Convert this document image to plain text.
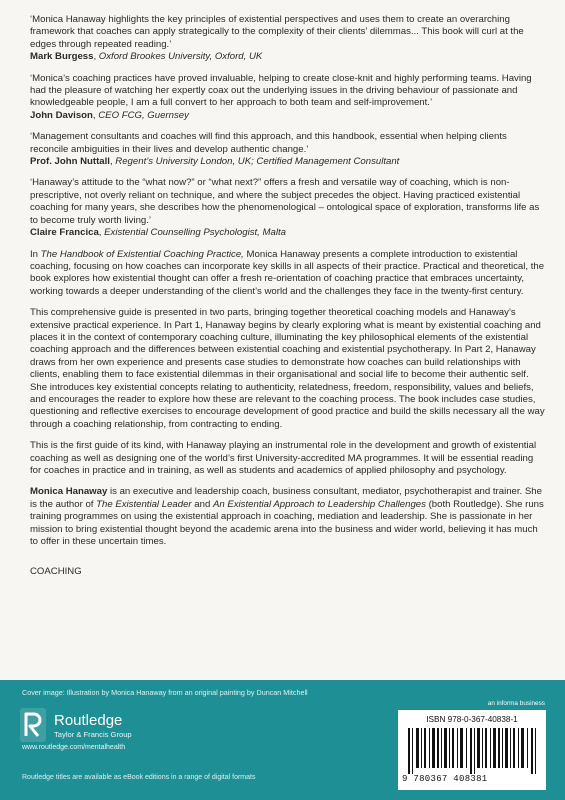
‘Monica Hanaway highlights the key principles of existential perspectives and uses them to create an overarching framework that coaches can apply strategically to the complexity of their clients’ dilemmas... This book will curl at the edges through repeated reading.’

Mark Burgess, Oxford Brookes University, Oxford, UK

‘Monica’s coaching practices have proved invaluable, helping to create close-knit and highly performing teams. Having had the pleasure of watching her expertly coax out the underlying issues in the driving behaviour of passionate and knowledgeable people, I am a full convert to her approach to both team and self-improvement.’

John Davison, CEO FCG, Guernsey

‘Management consultants and coaches will find this approach, and this handbook, essential when helping clients reconcile ambiguities in their lives and develop authentic change.’

Prof. John Nuttall, Regent’s University London, UK; Certified Management Consultant

‘Hanaway’s attitude to the “what now?” or “what next?” offers a fresh and versatile way of coaching, which is non-prescriptive, not overly reliant on technique, and where the subject precedes the object. Having practiced existential coaching for many years, she describes how the phenomenological – ontological space of exploration, transforms life as to become truly worth living.’

Claire Francica, Existential Counselling Psychologist, Malta

In The Handbook of Existential Coaching Practice, Monica Hanaway presents a complete introduction to existential coaching, focusing on how coaches can incorporate key skills in all aspects of their practice. Practical and theoretical, the book explores how existential thought can offer a fresh re-orientation of coaching practice that embraces uncertainty, working towards a deeper understanding of the client’s world and the challenges they face in the twenty-first century.

This comprehensive guide is presented in two parts, bringing together theoretical coaching models and Hanaway’s extensive practical experience. In Part 1, Hanaway begins by clearly exploring what is meant by existential coaching and places it in the context of contemporary coaching culture, illuminating the key philosophical elements of the existential coaching approach and the differences between existential coaching and existential psychotherapy. In Part 2, Hanaway draws from her own experience and presents case studies to demonstrate how coaches can build relationships with clients, enabling them to face existential dilemmas in their organisational and social life to become their authentic self. She introduces key existential concepts relating to authenticity, relatedness, freedom, responsibility, values and beliefs, and encourages the reader to explore how these are relevant to the coaching process. The book includes case studies, questioning and reflective exercises to encourage development of good practice and build the skills necessary all the way through a coaching relationship, from contracting to ending.

This is the first guide of its kind, with Hanaway playing an instrumental role in the development and growth of existential coaching as well as designing one of the world’s first University-accredited MA programmes. It will be essential reading for coaches in practice and in training, as well as students and academics of applied philosophy and psychology.

Monica Hanaway is an executive and leadership coach, business consultant, mediator, psychotherapist and trainer. She is the author of The Existential Leader and An Existential Approach to Leadership Challenges (both Routledge). She runs training programmes on using the existential approach in coaching, mediation and leadership. She is passionate in her mission to bring existential thought beyond the academic arena into the business and wider world, believing it has much to offer in these uncertain times.

COACHING
Cover image: Illustration by Monica Hanaway from an original painting by Duncan Mitchell
an informa business
Routledge
Taylor & Francis Group
www.routledge.com/mentalhealth
Routledge titles are available as eBook editions in a range of digital formats
ISBN 978-0-367-40838-1
9 780367 408381
